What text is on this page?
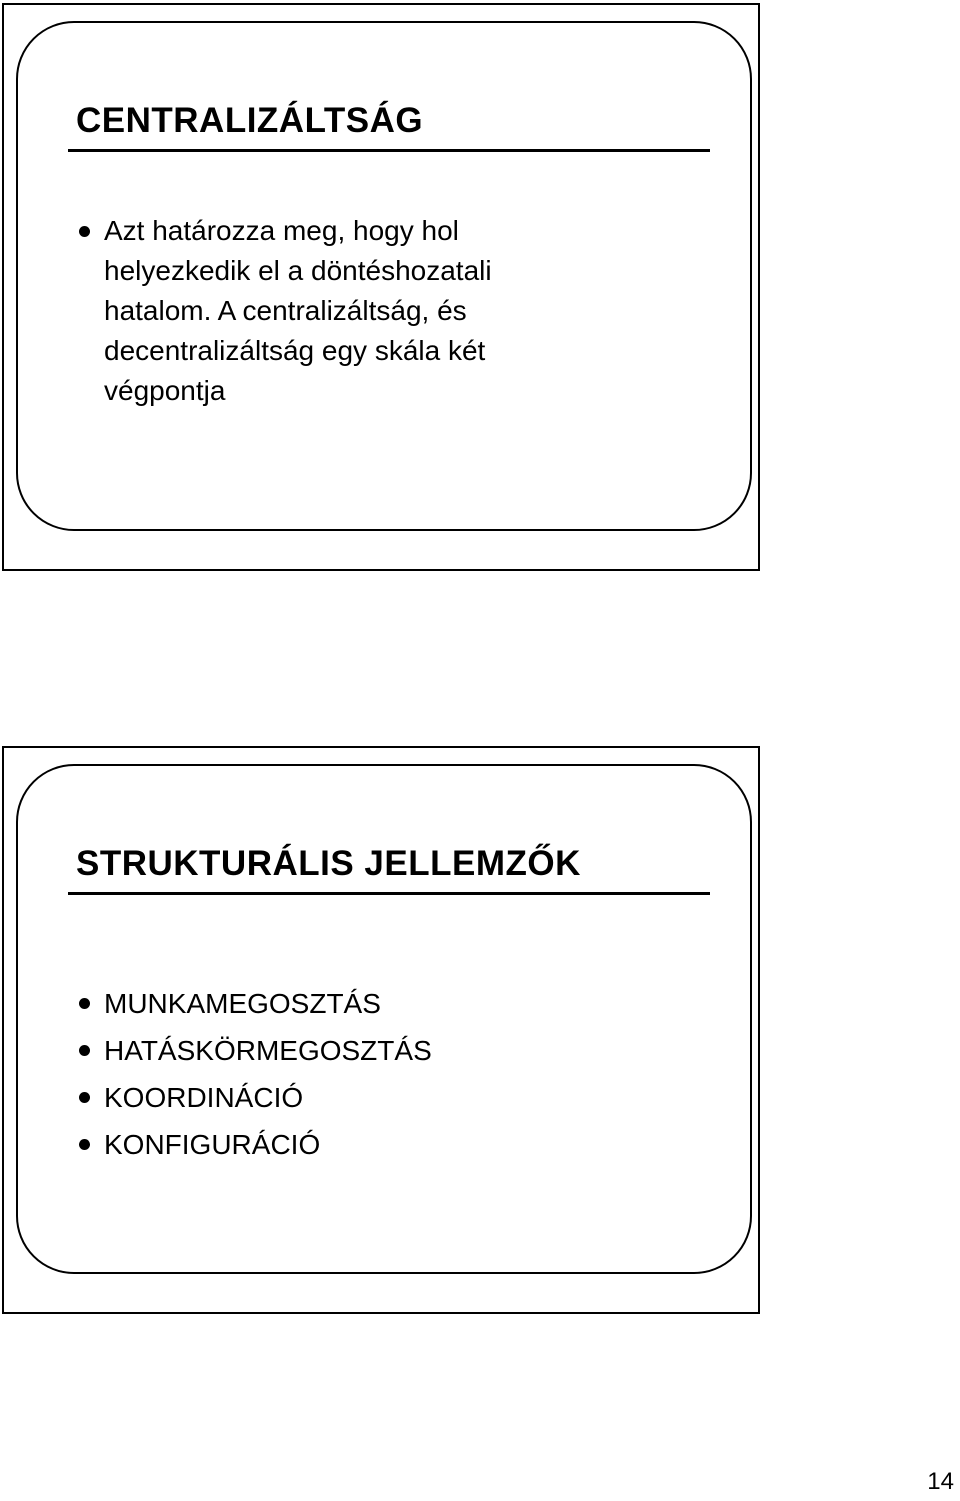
CENTRALIZÁLTSÁG
Azt határozza meg, hogy hol helyezkedik el a döntéshozatali hatalom. A centralizáltság, és decentralizáltság egy skála két végpontja
STRUKTURÁLIS JELLEMZŐK
MUNKAMEGOSZTÁS
HATÁSKÖRMEGOSZTÁS
KOORDINÁCIÓ
KONFIGURÁCIÓ
14
